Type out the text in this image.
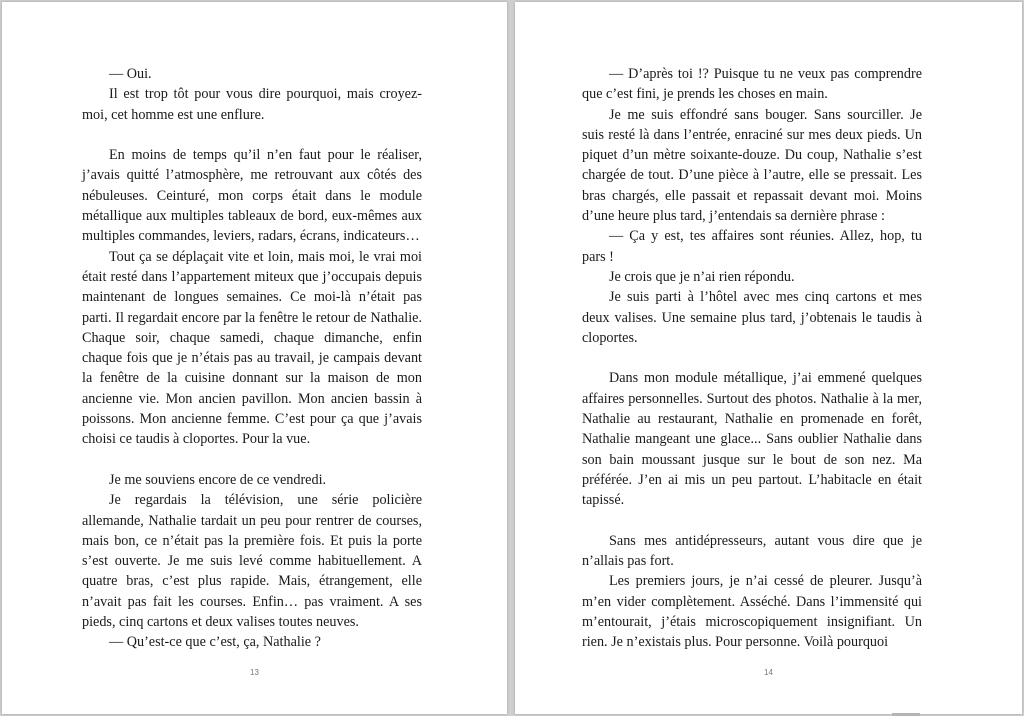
— Oui.

Il est trop tôt pour vous dire pourquoi, mais croyez-moi, cet homme est une enflure.

En moins de temps qu’il n’en faut pour le réaliser, j’avais quitté l’atmosphère, me retrouvant aux côtés des nébuleuses. Ceinturé, mon corps était dans le module métallique aux multiples tableaux de bord, eux-mêmes aux multiples commandes, leviers, radars, écrans, indicateurs…

Tout ça se déplaçait vite et loin, mais moi, le vrai moi était resté dans l’appartement miteux que j’occupais depuis maintenant de longues semaines. Ce moi-là n’était pas parti. Il regardait encore par la fenêtre le retour de Nathalie. Chaque soir, chaque samedi, chaque dimanche, enfin chaque fois que je n’étais pas au travail, je campais devant la fenêtre de la cuisine donnant sur la maison de mon ancienne vie. Mon ancien pavillon. Mon ancien bassin à poissons. Mon ancienne femme. C’est pour ça que j’avais choisi ce taudis à cloportes. Pour la vue.

Je me souviens encore de ce vendredi.

Je regardais la télévision, une série policière allemande, Nathalie tardait un peu pour rentrer de courses, mais bon, ce n’était pas la première fois. Et puis la porte s’est ouverte. Je me suis levé comme habituellement. A quatre bras, c’est plus rapide. Mais, étrangement, elle n’avait pas fait les courses. Enfin… pas vraiment. A ses pieds, cinq cartons et deux valises toutes neuves.

— Qu’est-ce que c’est, ça, Nathalie ?

13

— D’après toi !? Puisque tu ne veux pas comprendre que c’est fini, je prends les choses en main.

Je me suis effondré sans bouger. Sans sourciller. Je suis resté là dans l’entrée, enraciné sur mes deux pieds. Un piquet d’un mètre soixante-douze. Du coup, Nathalie s’est chargée de tout. D’une pièce à l’autre, elle se pressait. Les bras chargés, elle passait et repassait devant moi. Moins d’une heure plus tard, j’entendais sa dernière phrase :

— Ça y est, tes affaires sont réunies. Allez, hop, tu pars !

Je crois que je n’ai rien répondu.

Je suis parti à l’hôtel avec mes cinq cartons et mes deux valises. Une semaine plus tard, j’obtenais le taudis à cloportes.

Dans mon module métallique, j’ai emmené quelques affaires personnelles. Surtout des photos. Nathalie à la mer, Nathalie au restaurant, Nathalie en promenade en forêt, Nathalie mangeant une glace... Sans oublier Nathalie dans son bain moussant jusque sur le bout de son nez. Ma préférée. J’en ai mis un peu partout. L’habitacle en était tapissé.

Sans mes antidépresseurs, autant vous dire que je n’allais pas fort.

Les premiers jours, je n’ai cessé de pleurer. Jusqu’à m’en vider complètement. Asséché. Dans l’immensité qui m’entourait, j’étais microscopiquement insignifiant. Un rien. Je n’existais plus. Pour personne. Voilà pourquoi

14
